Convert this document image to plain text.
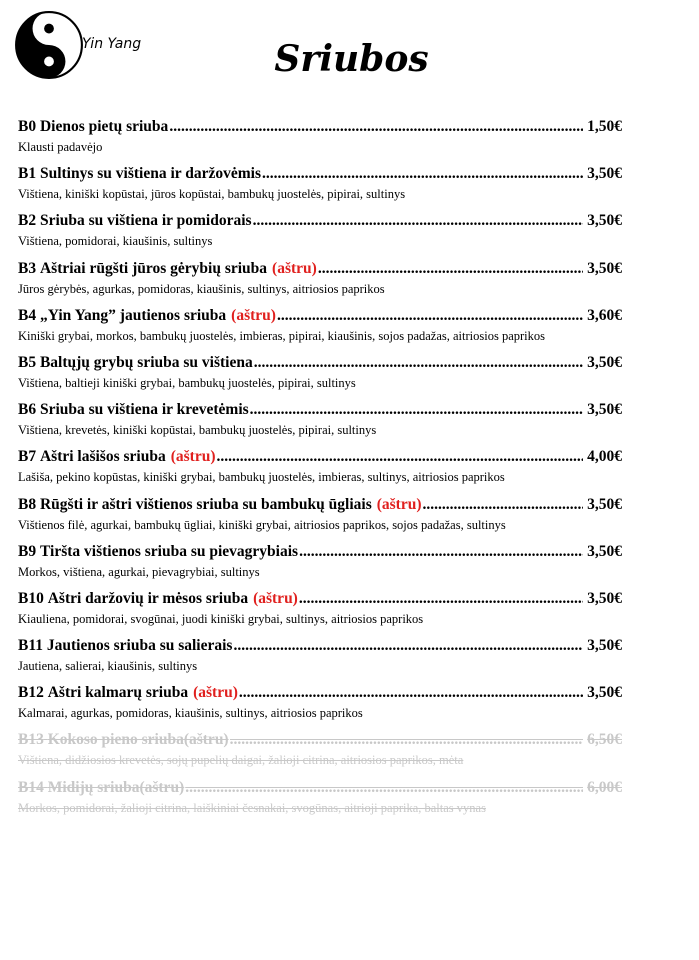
Yin Yang	Sriubos
B0
Dienos pietų sriuba .....	1,50€
Klausti padavėjo
B1
Sultinys su vištiena ir daržovėmis .....	3,50€
Vištiena, kiniški kopūstai, jūros kopūstai, bambukų juostelės, pipirai, sultinys
B2
Sriuba su vištiena ir pomidorais .....	3,50€
Vištiena, pomidorai, kiaušinis, sultinys
B3
Aštriai rūgšti jūros gėrybių sriuba (aštru) .....	3,50€
Jūros gėrybės, agurkas, pomidoras, kiaušinis, sultinys, aitriosios paprikos
B4
„Yin Yang” jautienos sriuba (aštru) .....	3,60€
Kiniški grybai, morkos, bambukų juostelės, imbieras, pipirai, kiaušinis, sojos padažas, aitriosios paprikos
B5
Baltųjų grybų sriuba su vištiena .....	3,50€
Vištiena, baltieji kiniški grybai, bambukų juostelės, pipirai, sultinys
B6
Sriuba su vištiena ir krevetėmis .....	3,50€
Vištiena, krevetės, kiniški kopūstai, bambukų juostelės, pipirai, sultinys
B7
Aštri lašišos sriuba (aštru) .....	4,00€
Lašiša, pekino kopūstas, kiniški grybai, bambukų juostelės, imbieras, sultinys, aitriosios paprikos
B8
Rūgšti ir aštri vištienos sriuba su bambukų ūgliais (aštru) .....	3,50€
Vištienos filė, agurkai, bambukų ūgliai, kiniški grybai, aitriosios paprikos, sojos padažas, sultinys
B9
Tiršta vištienos sriuba su pievagrybiais .....	3,50€
Morkos, vištiena, agurkai, pievagrybiai, sultinys
B10
Aštri daržovių ir mėsos sriuba (aštru) .....	3,50€
Kiauliena, pomidorai, svogūnai, juodi kiniški grybai, sultinys, aitriosios paprikos
B11
Jautienos sriuba su salierais .....	3,50€
Jautiena, salierai, kiaušinis, sultinys
B12
Aštri kalmarų sriuba (aštru) .....	3,50€
Kalmarai, agurkas, pomidoras, kiaušinis, sultinys, aitriosios paprikos
B13
Kokoso pieno sriuba (aštru) .....	6,50€
Vištiena, didžiosios krevetės, sojų pupelių daigai, žalioji citrina, aitriosios paprikos, mėta
B14
Midijų sriuba (aštru) .....	6,00€
Morkos, pomidorai, žalioji citrina, laiškiniai česnakai, svogūnas, aitrioji paprika, baltas vynas
